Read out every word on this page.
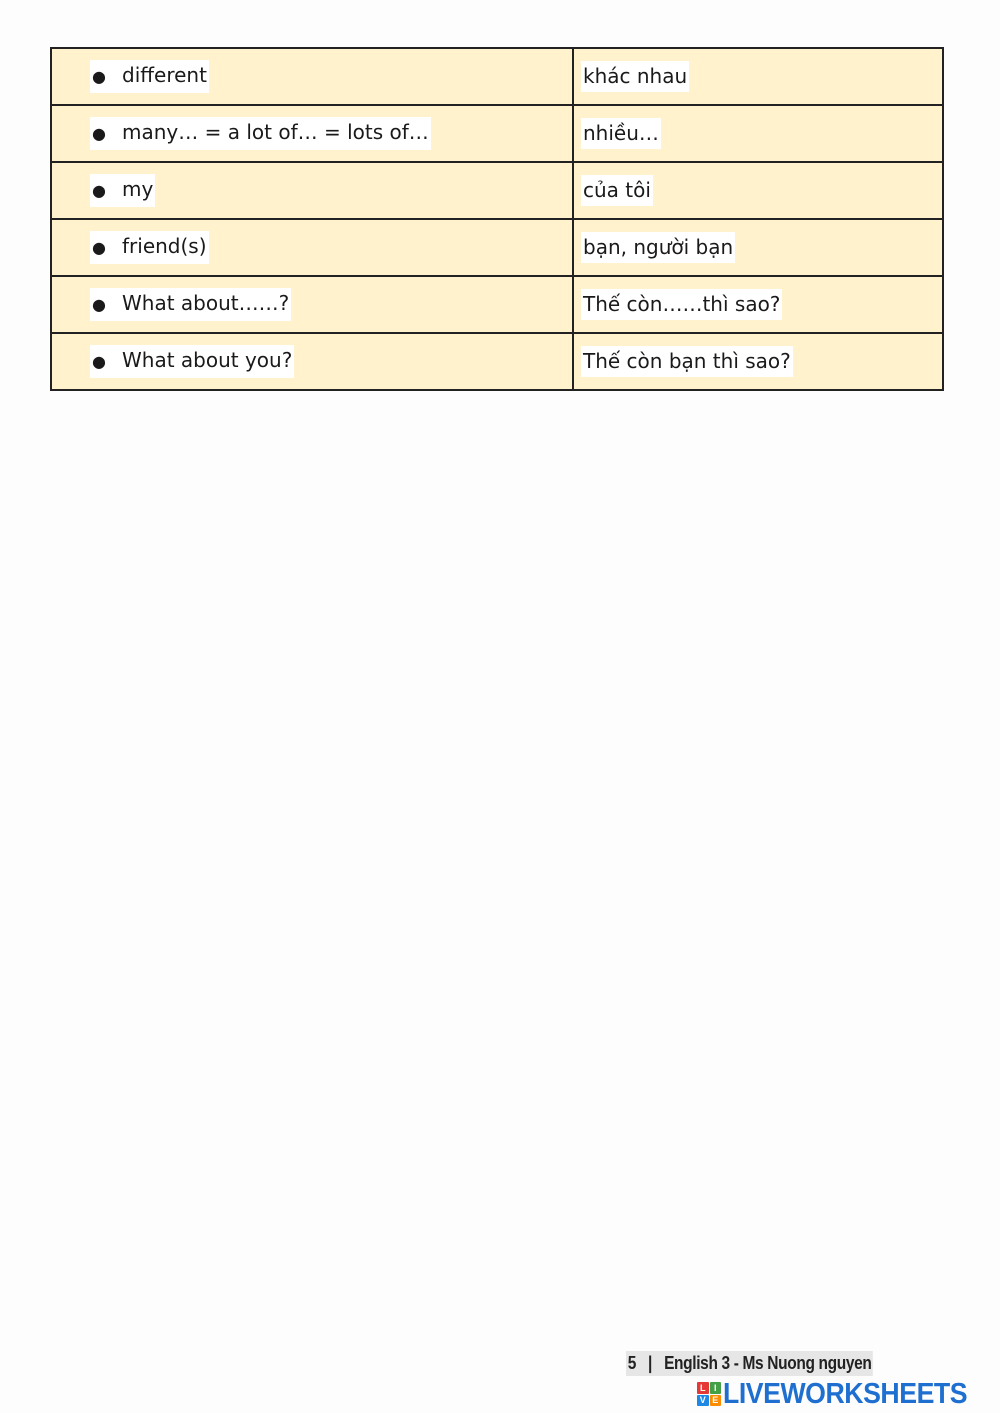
● different	khác nhau
● many… = a lot of… = lots of…	nhiều…
● my	của tôi
● friend(s)	bạn, người bạn
● What about……?	Thế còn……thì sao?
● What about you?	Thế còn bạn thì sao?
5 | English 3 - Ms Nuong nguyen
L I
V E LIVEWORKSHEETS
